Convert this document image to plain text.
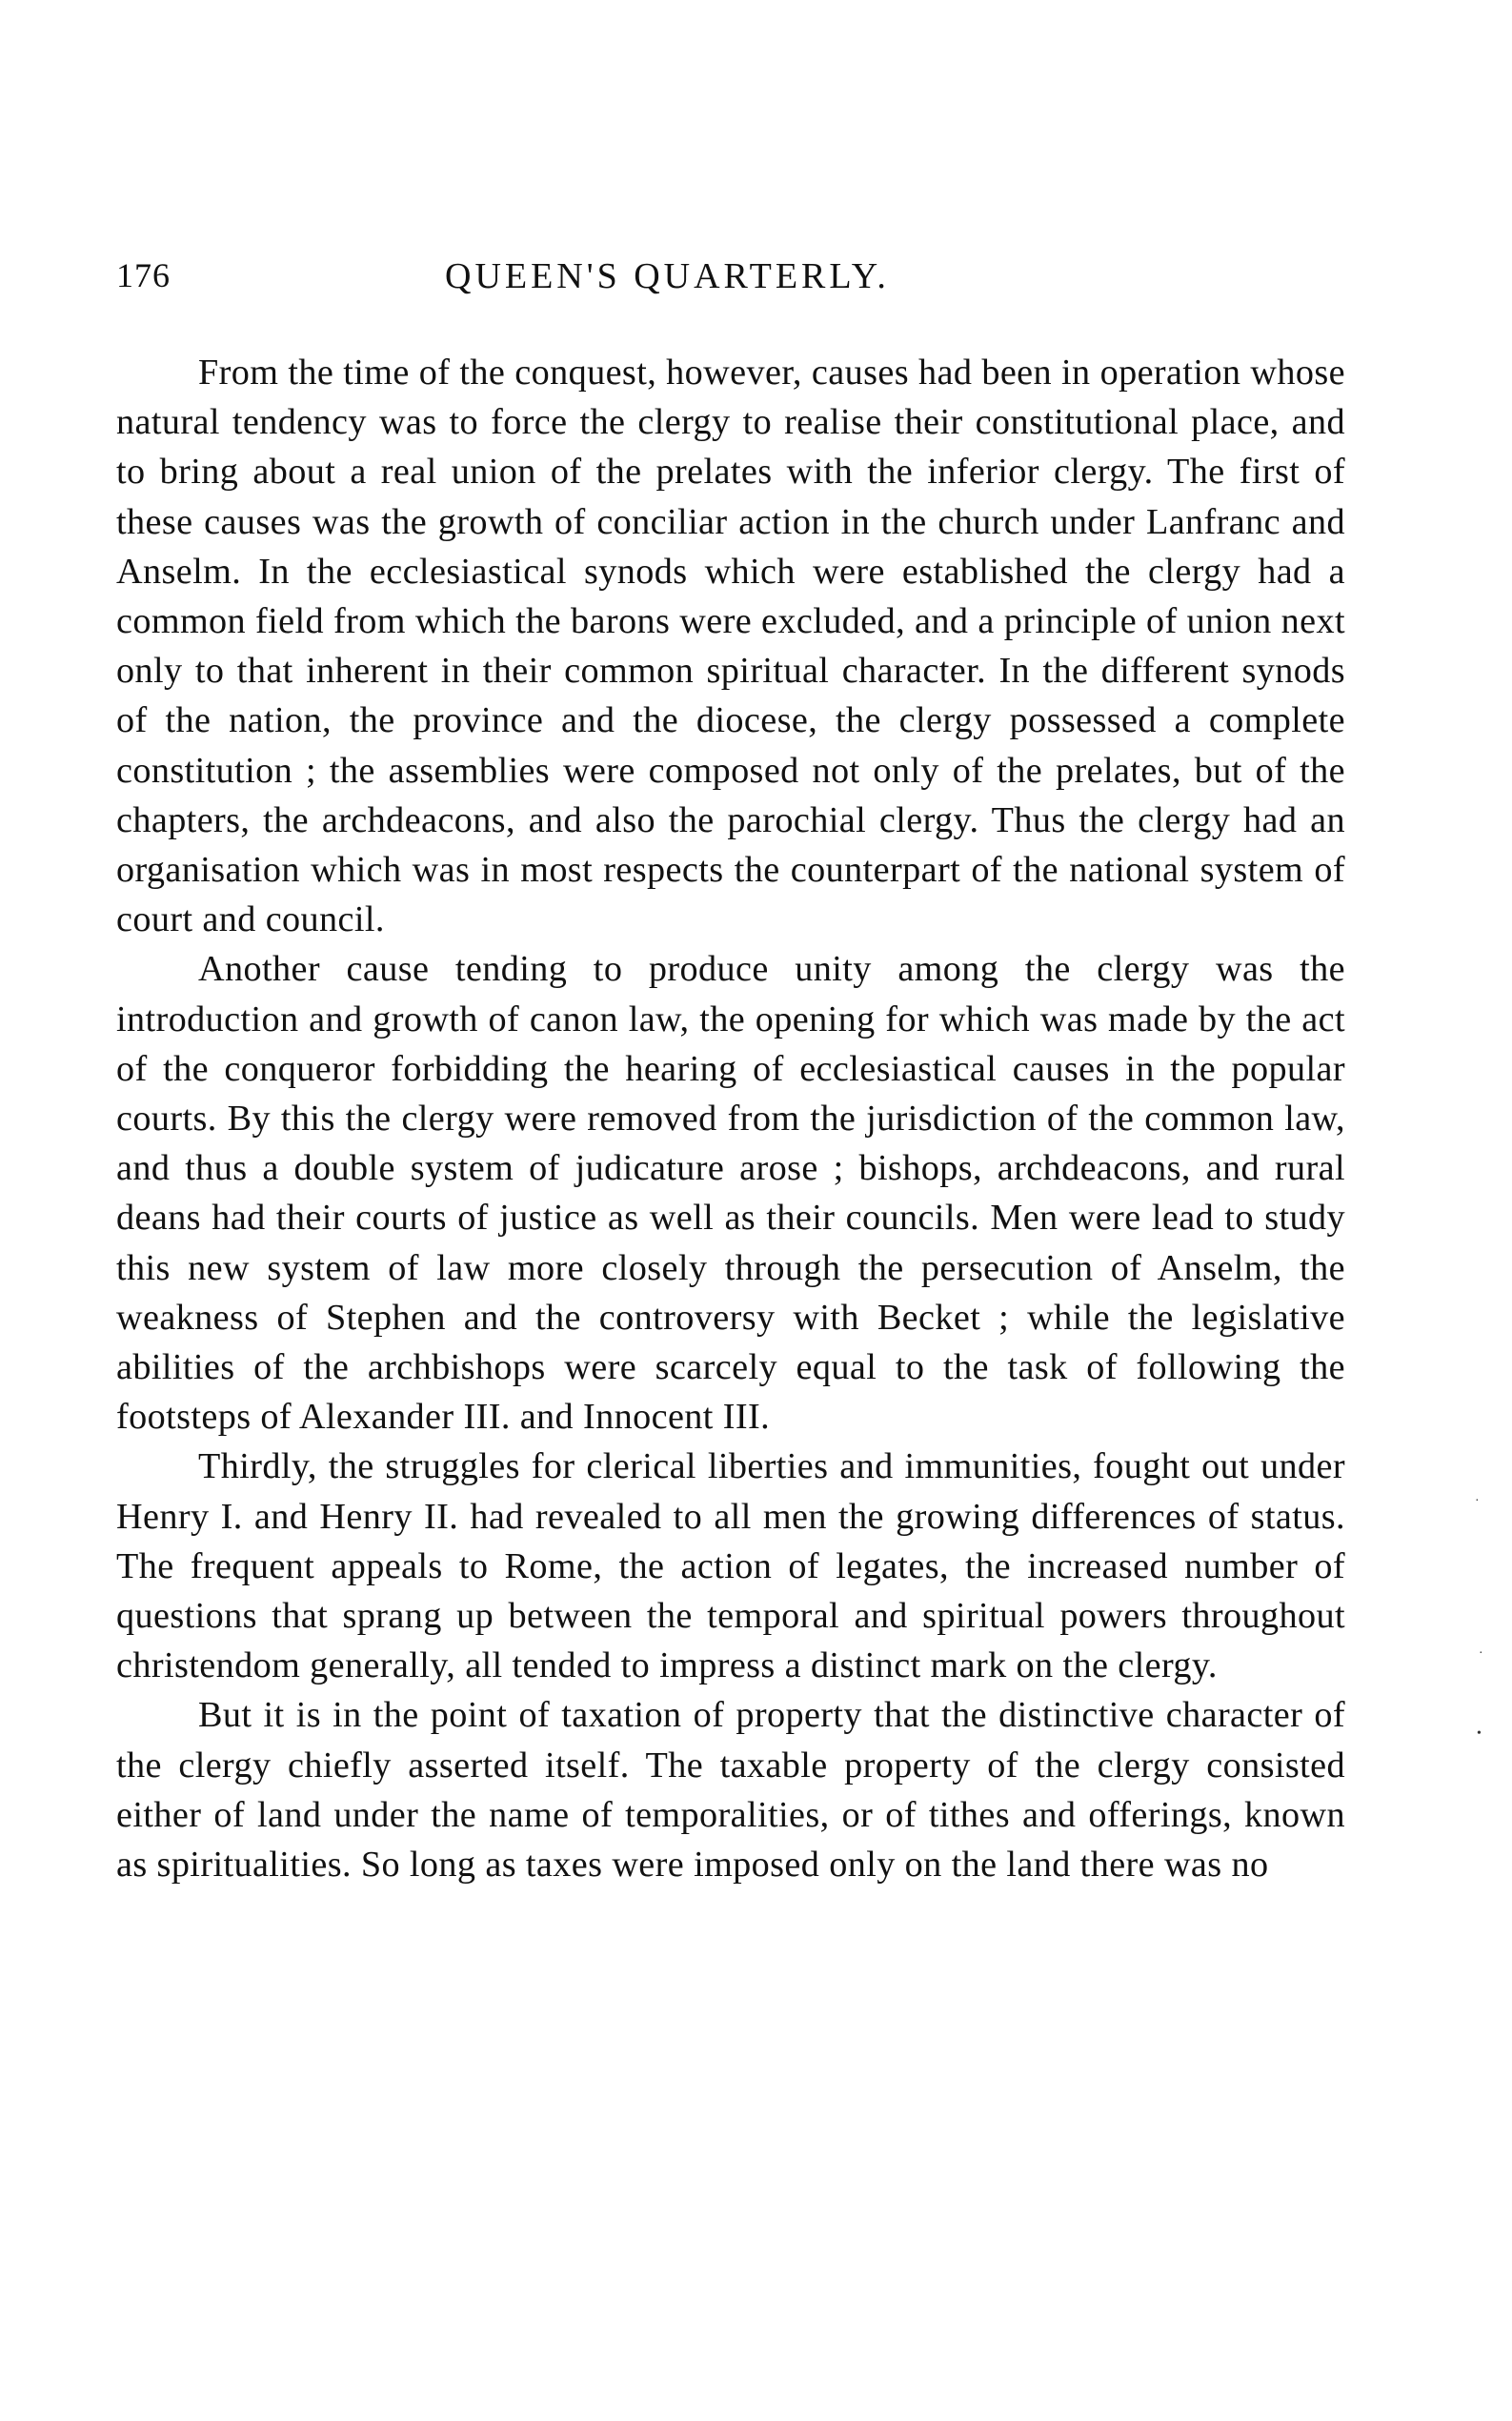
176	QUEEN'S QUARTERLY.

From the time of the conquest, however, causes had been in operation whose natural tendency was to force the clergy to realise their constitutional place, and to bring about a real union of the prelates with the inferior clergy. The first of these causes was the growth of conciliar action in the church under Lanfranc and Anselm. In the ecclesiastical synods which were established the clergy had a common field from which the barons were excluded, and a principle of union next only to that inherent in their common spiritual character. In the different synods of the nation, the province and the diocese, the clergy possessed a complete constitution ; the assemblies were composed not only of the prelates, but of the chapters, the archdeacons, and also the parochial clergy. Thus the clergy had an organisation which was in most respects the counterpart of the national system of court and council.

Another cause tending to produce unity among the clergy was the introduction and growth of canon law, the opening for which was made by the act of the conqueror forbidding the hearing of ecclesiastical causes in the popular courts. By this the clergy were removed from the jurisdiction of the common law, and thus a double system of judicature arose ; bishops, archdeacons, and rural deans had their courts of justice as well as their councils. Men were lead to study this new system of law more closely through the persecution of Anselm, the weakness of Stephen and the controversy with Becket ; while the legislative abilities of the archbishops were scarcely equal to the task of following the footsteps of Alexander III. and Innocent III.

Thirdly, the struggles for clerical liberties and immunities, fought out under Henry I. and Henry II. had revealed to all men the growing differences of status. The frequent appeals to Rome, the action of legates, the increased number of questions that sprang up between the temporal and spiritual powers throughout christendom generally, all tended to impress a distinct mark on the clergy.

But it is in the point of taxation of property that the distinctive character of the clergy chiefly asserted itself. The taxable property of the clergy consisted either of land under the name of temporalities, or of tithes and offerings, known as spiritualities. So long as taxes were imposed only on the land there was no

·
·
•
